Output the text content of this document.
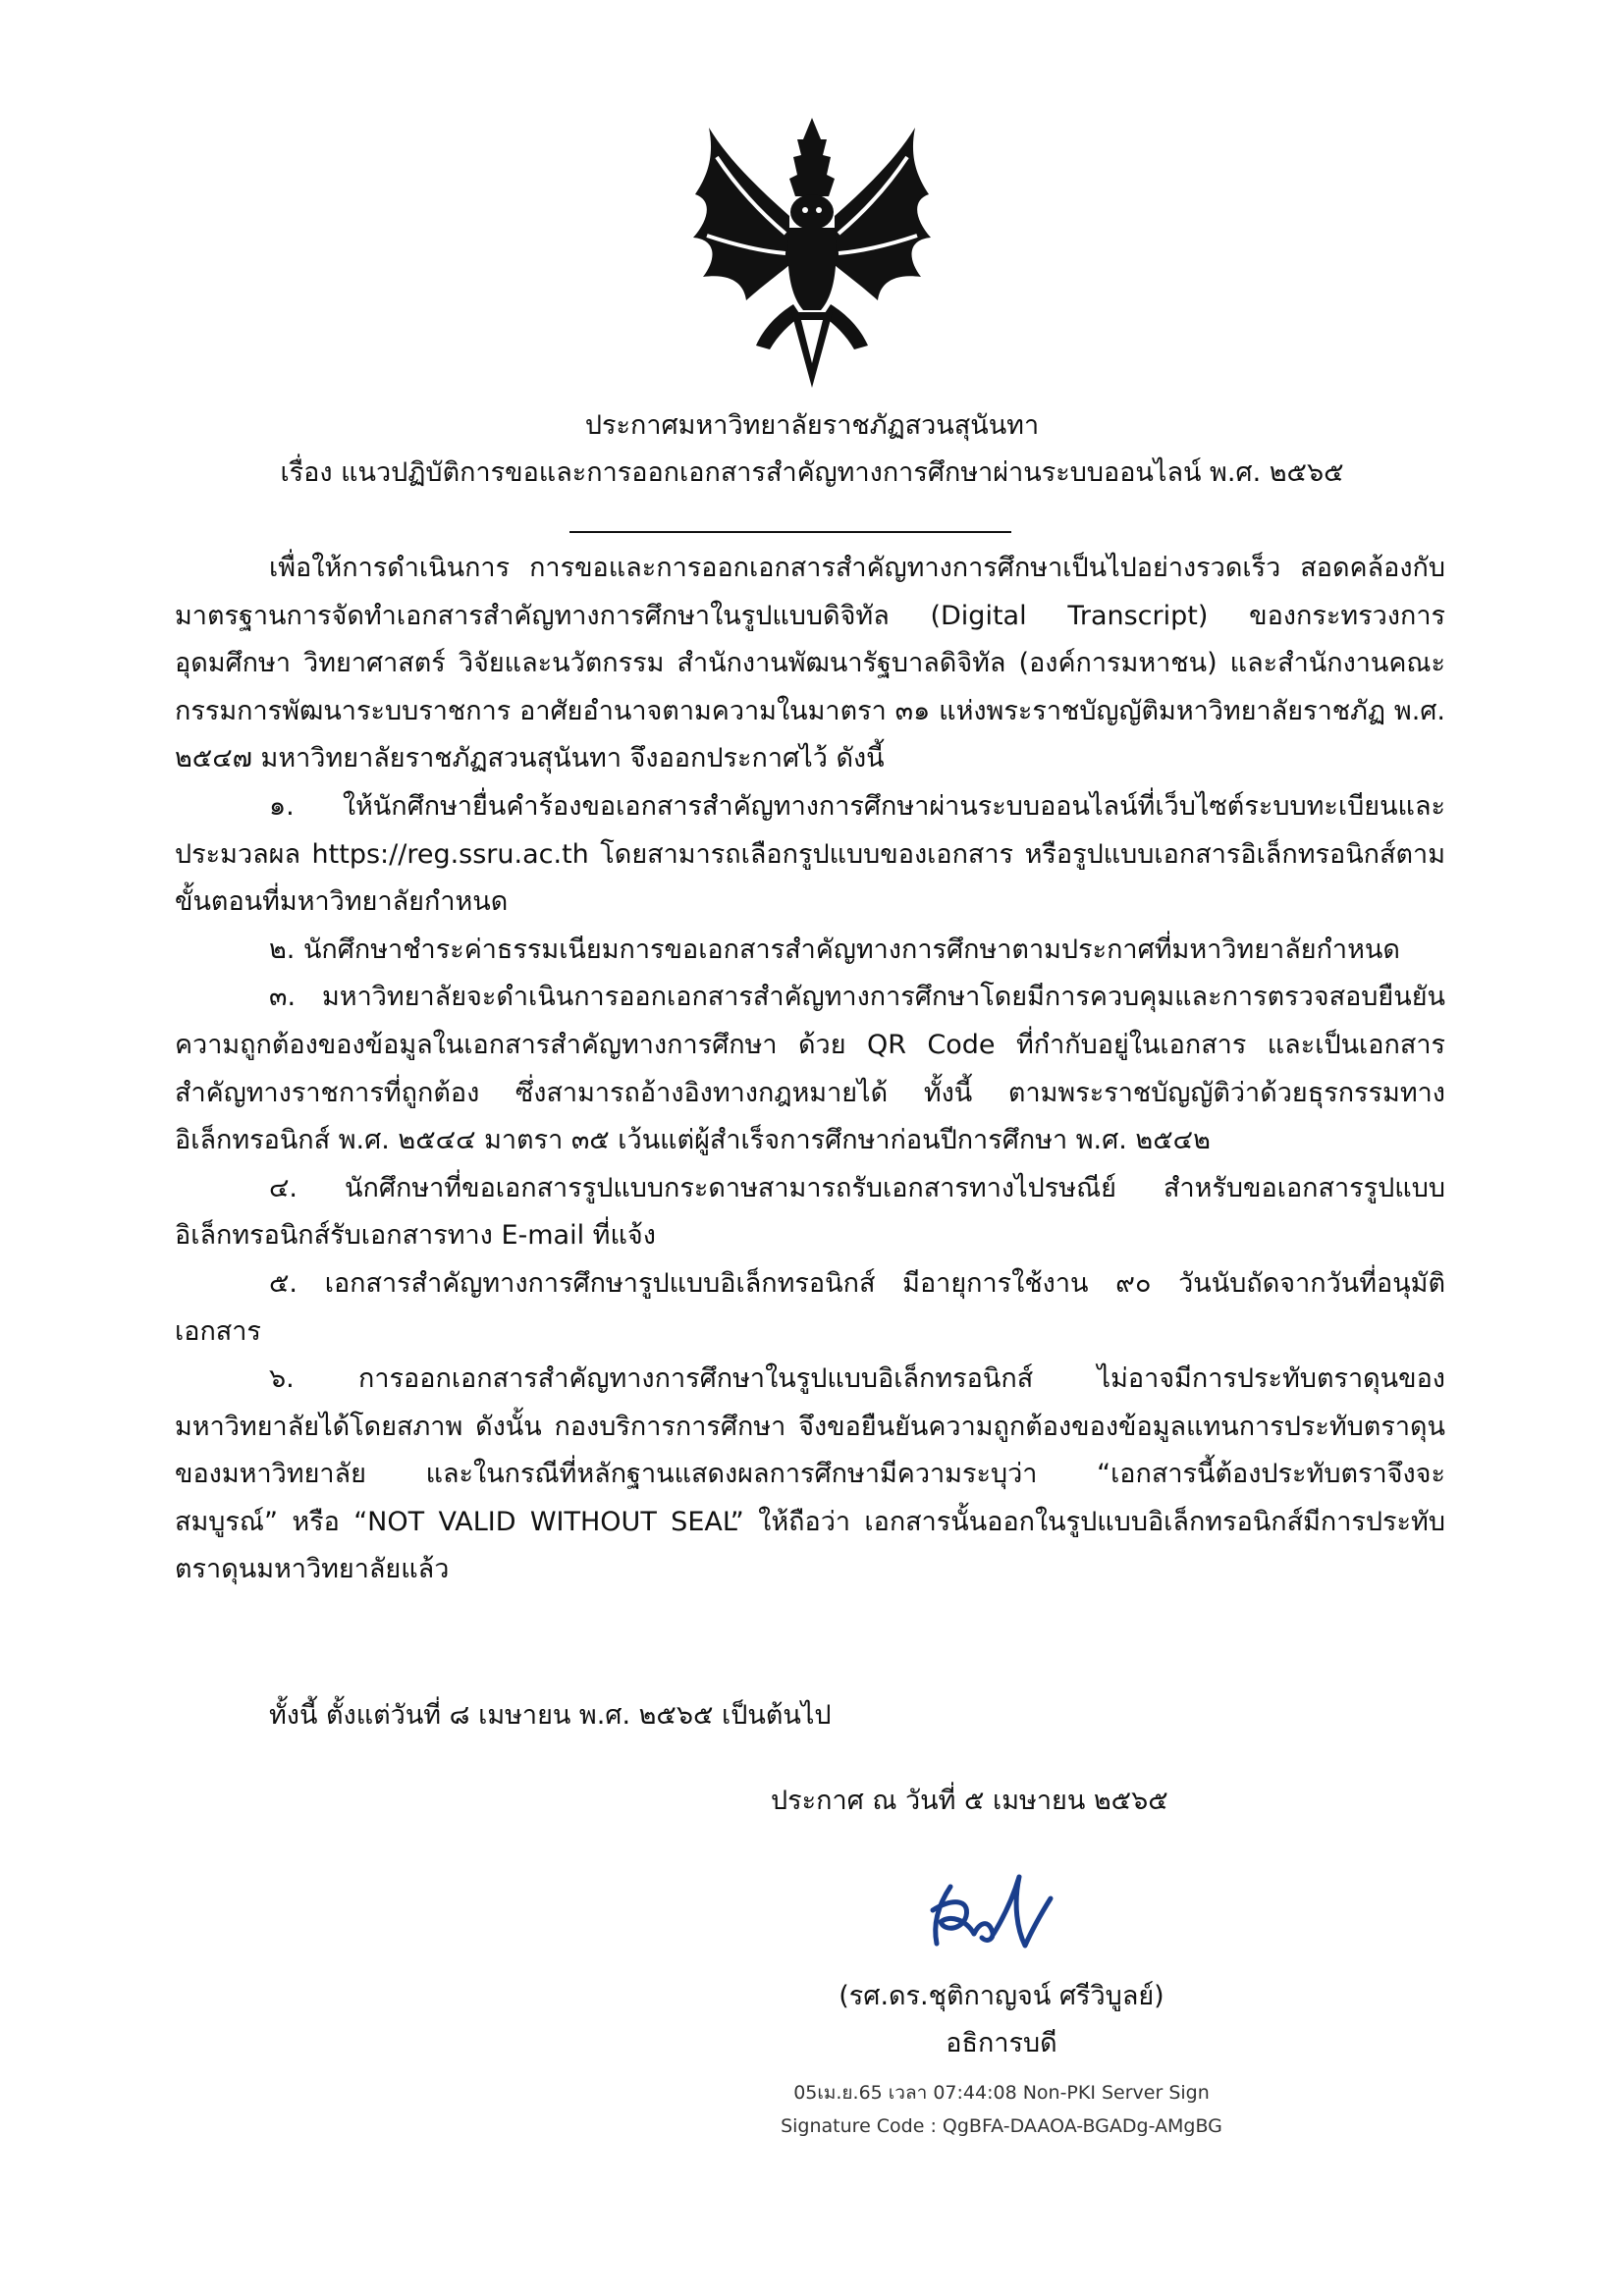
ประกาศมหาวิทยาลัยราชภัฏสวนสุนันทา
เรื่อง แนวปฏิบัติการขอและการออกเอกสารสำคัญทางการศึกษาผ่านระบบออนไลน์ พ.ศ. ๒๕๖๕

เพื่อให้การดำเนินการ การขอและการออกเอกสารสำคัญทางการศึกษาเป็นไปอย่างรวดเร็ว สอดคล้องกับมาตรฐานการจัดทำเอกสารสำคัญทางการศึกษาในรูปแบบดิจิทัล (Digital Transcript) ของกระทรวงการอุดมศึกษา วิทยาศาสตร์ วิจัยและนวัตกรรม สำนักงานพัฒนารัฐบาลดิจิทัล (องค์การมหาชน) และสำนักงานคณะกรรมการพัฒนาระบบราชการ อาศัยอำนาจตามความในมาตรา ๓๑ แห่งพระราชบัญญัติมหาวิทยาลัยราชภัฏ พ.ศ. ๒๕๔๗ มหาวิทยาลัยราชภัฏสวนสุนันทา จึงออกประกาศไว้ ดังนี้

๑. ให้นักศึกษายื่นคำร้องขอเอกสารสำคัญทางการศึกษาผ่านระบบออนไลน์ที่เว็บไซต์ระบบทะเบียนและประมวลผล https://reg.ssru.ac.th โดยสามารถเลือกรูปแบบของเอกสาร หรือรูปแบบเอกสารอิเล็กทรอนิกส์ตามขั้นตอนที่มหาวิทยาลัยกำหนด

๒. นักศึกษาชำระค่าธรรมเนียมการขอเอกสารสำคัญทางการศึกษาตามประกาศที่มหาวิทยาลัยกำหนด

๓. มหาวิทยาลัยจะดำเนินการออกเอกสารสำคัญทางการศึกษาโดยมีการควบคุมและการตรวจสอบยืนยันความถูกต้องของข้อมูลในเอกสารสำคัญทางการศึกษา ด้วย QR Code ที่กำกับอยู่ในเอกสาร และเป็นเอกสารสำคัญทางราชการที่ถูกต้อง ซึ่งสามารถอ้างอิงทางกฎหมายได้ ทั้งนี้ ตามพระราชบัญญัติว่าด้วยธุรกรรมทางอิเล็กทรอนิกส์ พ.ศ. ๒๕๔๔ มาตรา ๓๕ เว้นแต่ผู้สำเร็จการศึกษาก่อนปีการศึกษา พ.ศ. ๒๕๔๒

๔. นักศึกษาที่ขอเอกสารรูปแบบกระดาษสามารถรับเอกสารทางไปรษณีย์ สำหรับขอเอกสารรูปแบบอิเล็กทรอนิกส์รับเอกสารทาง E-mail ที่แจ้ง

๕. เอกสารสำคัญทางการศึกษารูปแบบอิเล็กทรอนิกส์ มีอายุการใช้งาน ๙๐ วันนับถัดจากวันที่อนุมัติเอกสาร

๖. การออกเอกสารสำคัญทางการศึกษาในรูปแบบอิเล็กทรอนิกส์ ไม่อาจมีการประทับตราดุนของมหาวิทยาลัยได้โดยสภาพ ดังนั้น กองบริการการศึกษา จึงขอยืนยันความถูกต้องของข้อมูลแทนการประทับตราดุนของมหาวิทยาลัย และในกรณีที่หลักฐานแสดงผลการศึกษามีความระบุว่า “เอกสารนี้ต้องประทับตราจึงจะสมบูรณ์” หรือ “NOT VALID WITHOUT SEAL” ให้ถือว่า เอกสารนั้นออกในรูปแบบอิเล็กทรอนิกส์มีการประทับตราดุนมหาวิทยาลัยแล้ว

ทั้งนี้ ตั้งแต่วันที่ ๘ เมษายน พ.ศ. ๒๕๖๕ เป็นต้นไป
ประกาศ ณ วันที่ ๕ เมษายน ๒๕๖๕
(รศ.ดร.ชุติกาญจน์ ศรีวิบูลย์)
อธิการบดี
05เม.ย.65 เวลา 07:44:08 Non-PKI Server Sign
Signature Code : QgBFA-DAAOA-BGADg-AMgBG
